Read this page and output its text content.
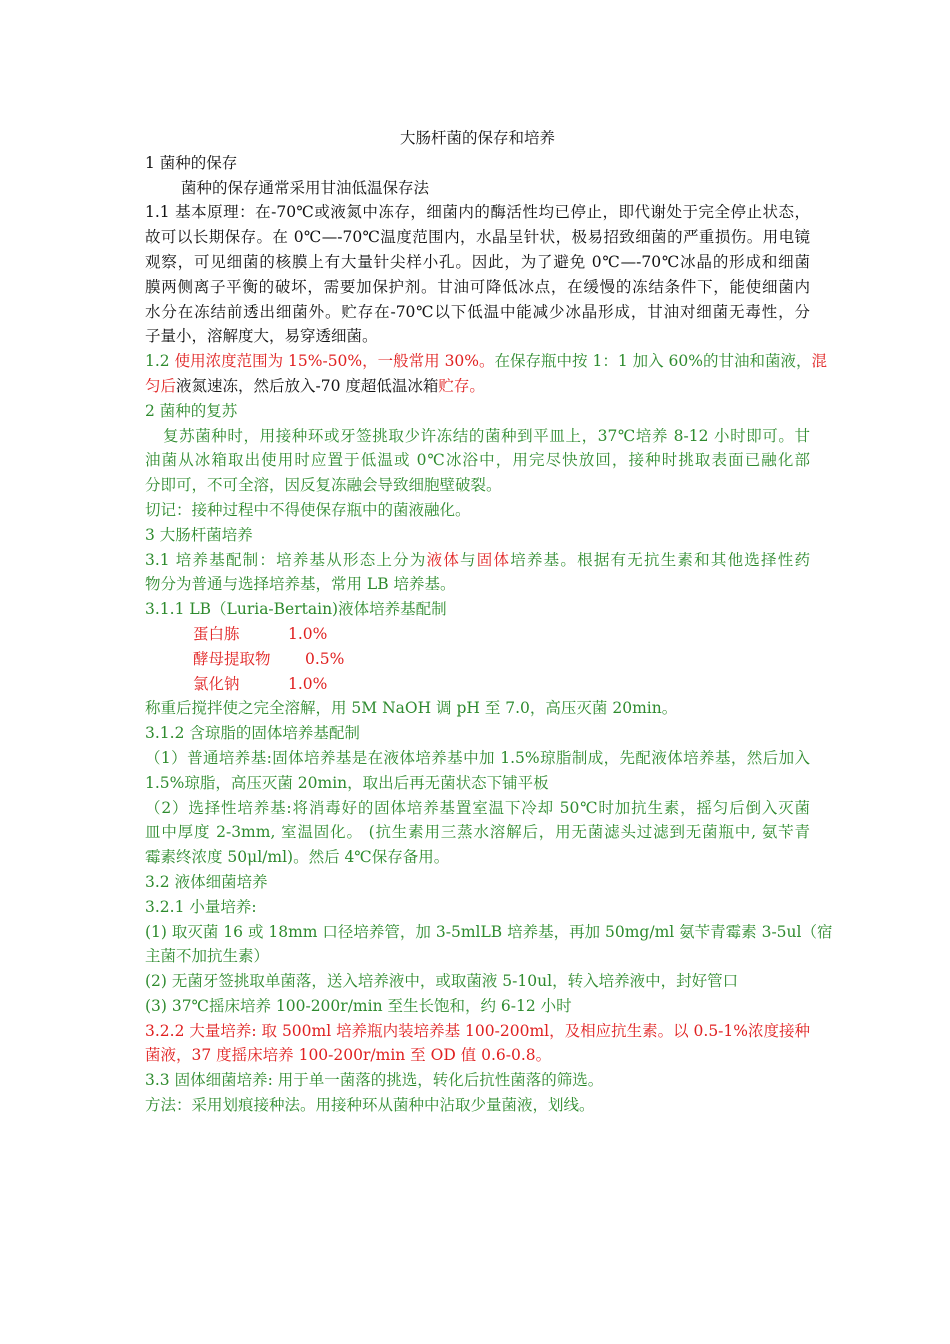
大肠杆菌的保存和培养
1 菌种的保存
菌种的保存通常采用甘油低温保存法
1.1 基本原理：在-70℃或液氮中冻存，细菌内的酶活性均已停止，即代谢处于完全停止状态，
故可以长期保存。在 0℃—-70℃温度范围内，水晶呈针状，极易招致细菌的严重损伤。用电镜
观察，可见细菌的核膜上有大量针尖样小孔。因此，为了避免 0℃—-70℃冰晶的形成和细菌
膜两侧离子平衡的破坏，需要加保护剂。甘油可降低冰点，在缓慢的冻结条件下，能使细菌内
水分在冻结前透出细菌外。贮存在-70℃以下低温中能减少冰晶形成，甘油对细菌无毒性，分
子量小，溶解度大，易穿透细菌。
1.2 使用浓度范围为 15%-50%，一般常用 30%。在保存瓶中按 1：1 加入 60%的甘油和菌液，混
匀后液氮速冻，然后放入-70 度超低温冰箱贮存。
2 菌种的复苏
复苏菌种时，用接种环或牙签挑取少许冻结的菌种到平皿上，37℃培养 8-12 小时即可。甘
油菌从冰箱取出使用时应置于低温或 0℃冰浴中，用完尽快放回，接种时挑取表面已融化部
分即可，不可全溶，因反复冻融会导致细胞壁破裂。
切记：接种过程中不得使保存瓶中的菌液融化。
3 大肠杆菌培养
3.1 培养基配制：培养基从形态上分为液体与固体培养基。根据有无抗生素和其他选择性药
物分为普通与选择培养基，常用 LB 培养基。
3.1.1 LB（Luria-Bertain)液体培养基配制
蛋白胨	1.0%
酵母提取物 0.5%
氯化钠	1.0%
称重后搅拌使之完全溶解，用 5M NaOH 调 pH 至 7.0，高压灭菌 20min。
3.1.2 含琼脂的固体培养基配制
（1）普通培养基:固体培养基是在液体培养基中加 1.5%琼脂制成，先配液体培养基，然后加入
1.5%琼脂，高压灭菌 20min，取出后再无菌状态下铺平板
（2）选择性培养基:将消毒好的固体培养基置室温下冷却 50℃时加抗生素，摇匀后倒入灭菌
皿中厚度 2-3mm, 室温固化。 (抗生素用三蒸水溶解后，用无菌滤头过滤到无菌瓶中, 氨苄青
霉素终浓度 50μl/ml)。然后 4℃保存备用。
3.2 液体细菌培养
3.2.1 小量培养:
(1) 取灭菌 16 或 18mm 口径培养管，加 3-5mlLB 培养基，再加 50mg/ml 氨苄青霉素 3-5ul（宿
主菌不加抗生素）
(2) 无菌牙签挑取单菌落，送入培养液中，或取菌液 5-10ul，转入培养液中，封好管口
(3) 37℃摇床培养 100-200r/min 至生长饱和，约 6-12 小时
3.2.2 大量培养: 取 500ml 培养瓶内装培养基 100-200ml，及相应抗生素。以 0.5-1%浓度接种
菌液，37 度摇床培养 100-200r/min 至 OD 值 0.6-0.8。
3.3 固体细菌培养: 用于单一菌落的挑选，转化后抗性菌落的筛选。
方法：采用划痕接种法。用接种环从菌种中沾取少量菌液，划线。
